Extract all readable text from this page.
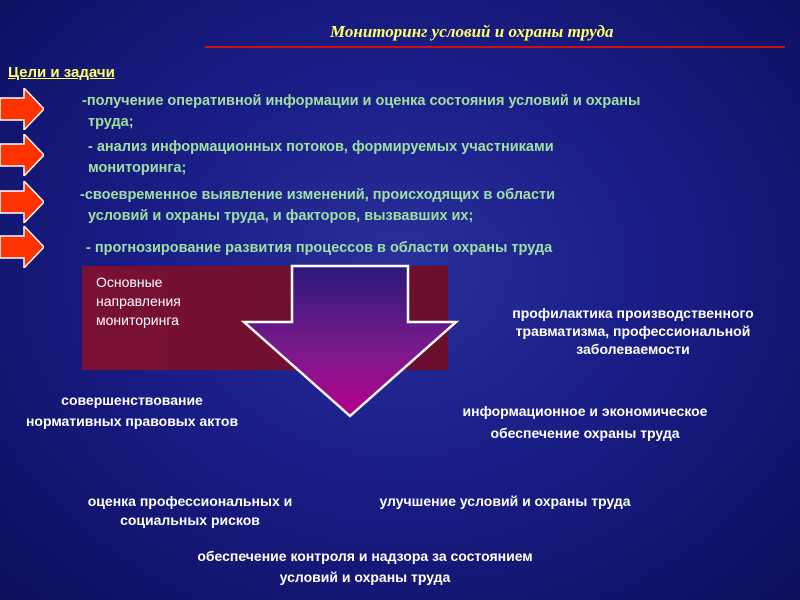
Мониторинг условий и охраны труда
Цели и задачи
-получение оперативной информации и оценка состояния условий и охраны
труда;
- анализ информационных потоков, формируемых участниками
мониторинга;
-своевременное выявление изменений, происходящих в области
условий и охраны труда, и факторов, вызвавших их;
- прогнозирование развития процессов в области охраны труда
Основные направления мониторинга	профилактика производственного травматизма, профессиональной заболеваемости
совершенствование нормативных правовых актов
информационное и экономическое обеспечение охраны труда
оценка профессиональных и социальных рисков
улучшение условий и охраны труда
обеспечение контроля и надзора за состоянием условий и охраны труда
